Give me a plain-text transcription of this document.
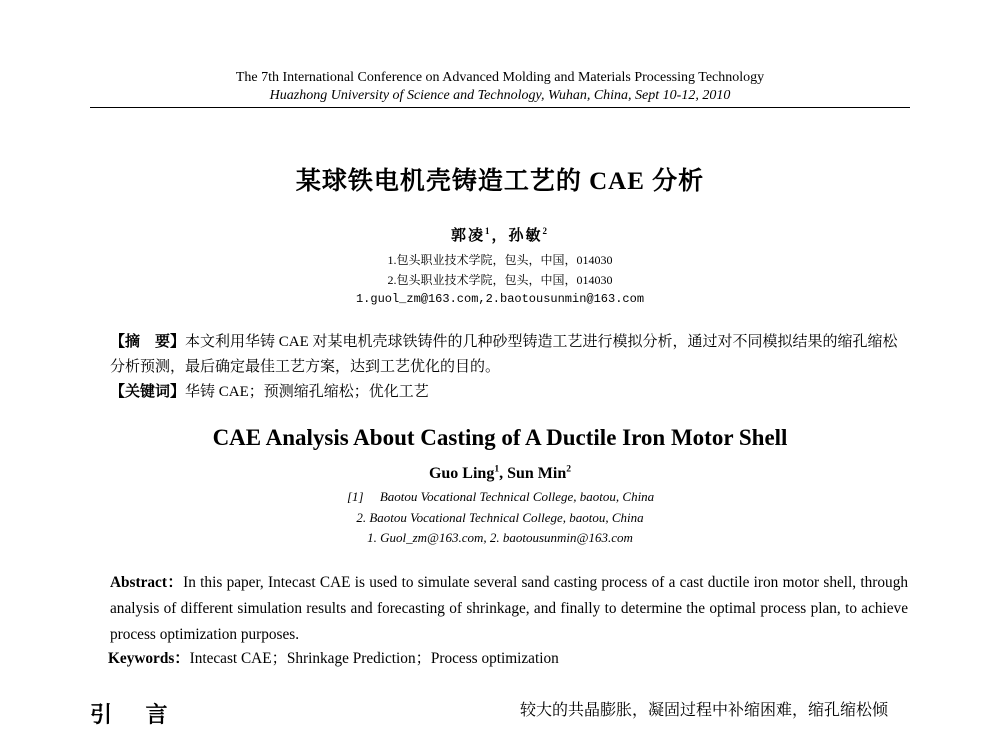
The 7th International Conference on Advanced Molding and Materials Processing Technology
Huazhong University of Science and Technology, Wuhan, China, Sept 10-12, 2010
某球铁电机壳铸造工艺的 CAE 分析
郭凌$^1$，孙敏$^2$
1.包头职业技术学院，包头，中国，014030
2.包头职业技术学院，包头，中国，014030
1.guol_zm@163.com,2.baotousunmin@163.com
【摘　要】本文利用华铸 CAE 对某电机壳球铁铸件的几种砂型铸造工艺进行模拟分析，通过对不同模拟结果的缩孔缩松分析预测，最后确定最佳工艺方案，达到工艺优化的目的。
【关键词】华铸 CAE；预测缩孔缩松；优化工艺
CAE Analysis About Casting of A Ductile Iron Motor Shell
Guo Ling$^1$, Sun Min$^2$
[1]     Baotou Vocational Technical College, baotou, China
2. Baotou Vocational Technical College, baotou, China
1. Guol_zm@163.com, 2. baotousunmin@163.com
Abstract：In this paper, Intecast CAE is used to simulate several sand casting process of a cast ductile iron motor shell, through analysis of different simulation results and forecasting of shrinkage, and finally to determine the optimal process plan, to achieve process optimization purposes.
Keywords：Intecast CAE；Shrinkage Prediction；Process optimization
引 言	较大的共晶膨胀，凝固过程中补缩困难，缩孔缩松倾
